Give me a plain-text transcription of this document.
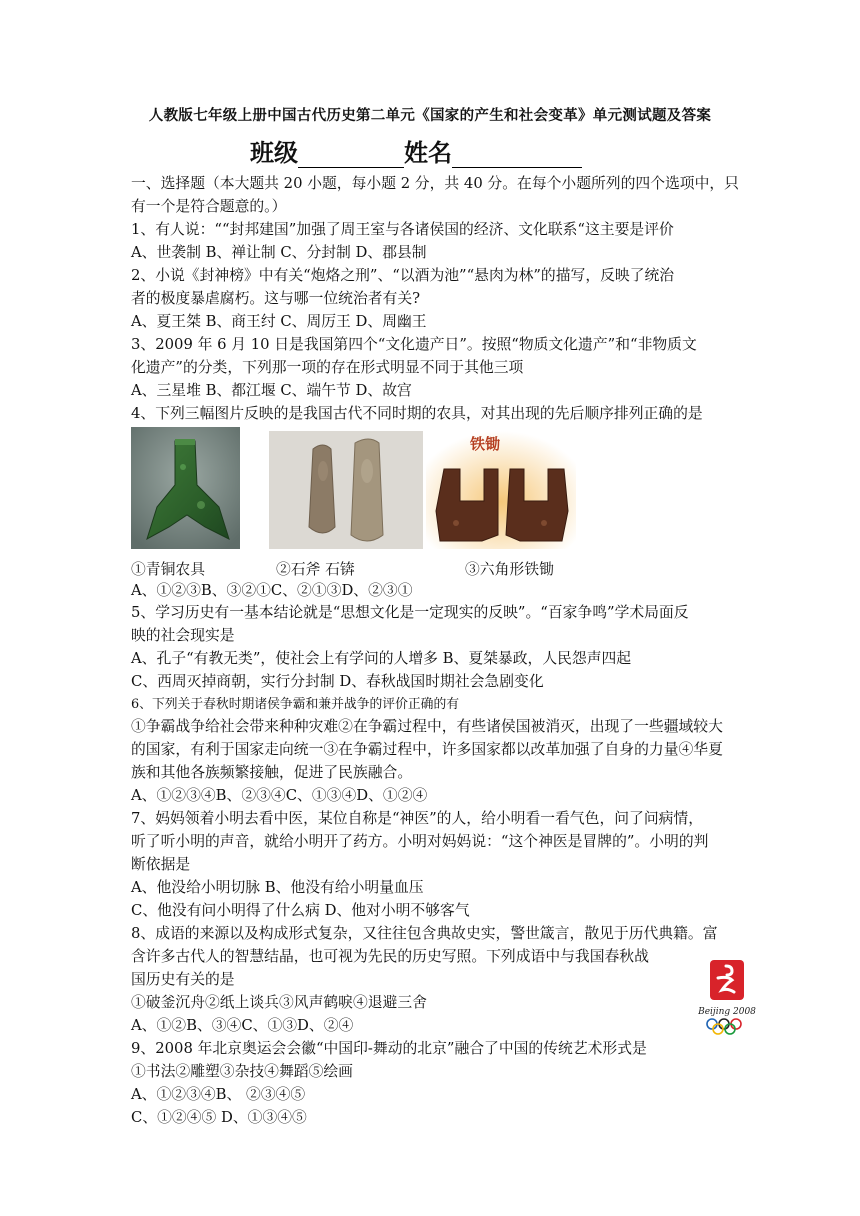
人教版七年级上册中国古代历史第二单元《国家的产生和社会变革》单元测试题及答案
班级	姓名
一、选择题（本大题共 20 小题，每小题 2 分，共 40 分。在每个小题所列的四个选项中，只
有一个是符合题意的。）
1、有人说：““封邦建国”加强了周王室与各诸侯国的经济、文化联系“这主要是评价
A、世袭制 B、禅让制 C、分封制 D、郡县制
2、小说《封神榜》中有关“炮烙之刑”、“以酒为池”“悬肉为林”的描写，反映了统治
者的极度暴虐腐朽。这与哪一位统治者有关?
A、夏王桀 B、商王纣 C、周厉王 D、周幽王
3、2009 年 6 月 10 日是我国第四个“文化遗产日”。按照“物质文化遗产”和“非物质文
化遗产”的分类，下列那一项的存在形式明显不同于其他三项
A、三星堆 B、都江堰 C、端午节 D、故宫
4、下列三幅图片反映的是我国古代不同时期的农具，对其出现的先后顺序排列正确的是
铁锄
①青铜农具	②石斧 石锛	③六角形铁锄
A、①②③B、③②①C、②①③D、②③①
5、学习历史有一基本结论就是“思想文化是一定现实的反映”。“百家争鸣”学术局面反
映的社会现实是
A、孔子“有教无类”，使社会上有学问的人增多 B、夏桀暴政，人民怨声四起
C、西周灭掉商朝，实行分封制 D、春秋战国时期社会急剧变化
6、下列关于春秋时期诸侯争霸和兼并战争的评价正确的有
①争霸战争给社会带来种种灾难②在争霸过程中，有些诸侯国被消灭，出现了一些疆域较大
的国家，有利于国家走向统一③在争霸过程中，许多国家都以改革加强了自身的力量④华夏
族和其他各族频繁接触，促进了民族融合。
A、①②③④B、②③④C、①③④D、①②④
7、妈妈领着小明去看中医，某位自称是“神医”的人，给小明看一看气色，问了问病情，
听了听小明的声音，就给小明开了药方。小明对妈妈说：“这个神医是冒牌的”。小明的判
断依据是
A、他没给小明切脉 B、他没有给小明量血压
C、他没有问小明得了什么病 D、他对小明不够客气
8、成语的来源以及构成形式复杂，又往往包含典故史实，警世箴言，散见于历代典籍。富
含许多古代人的智慧结晶，也可视为先民的历史写照。下列成语中与我国春秋战
国历史有关的是
①破釜沉舟②纸上谈兵③风声鹤唳④退避三舍
A、①②B、③④C、①③D、②④
9、2008 年北京奥运会会徽“中国印-舞动的北京”融合了中国的传统艺术形式是
①书法②雕塑③杂技④舞蹈⑤绘画
A、①②③④B、 ②③④⑤
C、①②④⑤ D、①③④⑤
Beijing 2008
